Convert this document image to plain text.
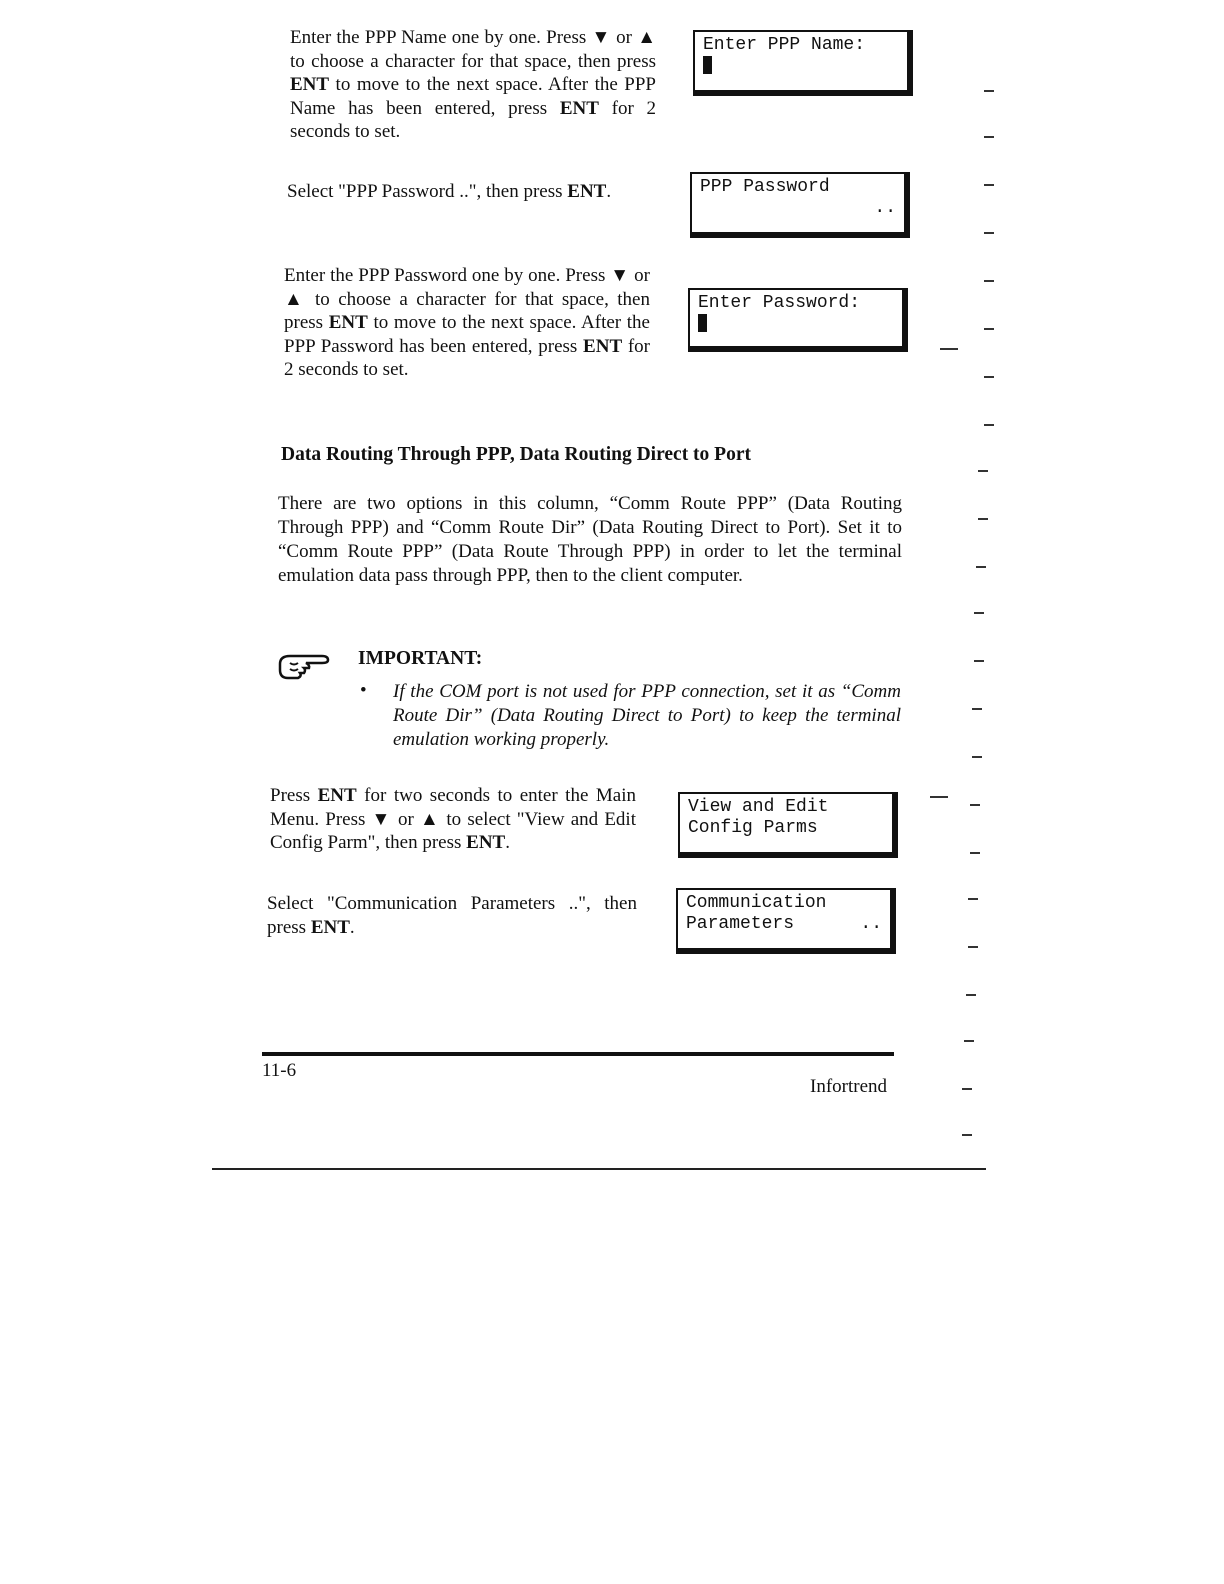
Enter the PPP Name one by one. Press ▼ or ▲ to choose a character for that space, then press ENT to move to the next space. After the PPP Name has been entered, press ENT for 2 seconds to set.

Enter PPP Name:

Select "PPP Password ..", then press ENT.	PPP Password
..

Enter the PPP Password one by one. Press ▼ or ▲ to choose a character for that space, then press ENT to move to the next space. After the PPP Password has been entered, press ENT for 2 seconds to set.

Enter Password:
Data Routing Through PPP, Data Routing Direct to Port

There are two options in this column, “Comm Route PPP” (Data Routing Through PPP) and “Comm Route Dir” (Data Routing Direct to Port). Set it to “Comm Route PPP” (Data Route Through PPP) in order to let the terminal emulation data pass through PPP, then to the client computer.

IMPORTANT:
• If the COM port is not used for PPP connection, set it as “Comm Route Dir” (Data Routing Direct to Port) to keep the terminal emulation working properly.

Press ENT for two seconds to enter the Main Menu. Press ▼ or ▲ to select "View and Edit Config Parm", then press ENT.

View and Edit
Config Parms

Select "Communication Parameters ..", then press ENT.

Communication
Parameters	..
11-6
Infortrend
